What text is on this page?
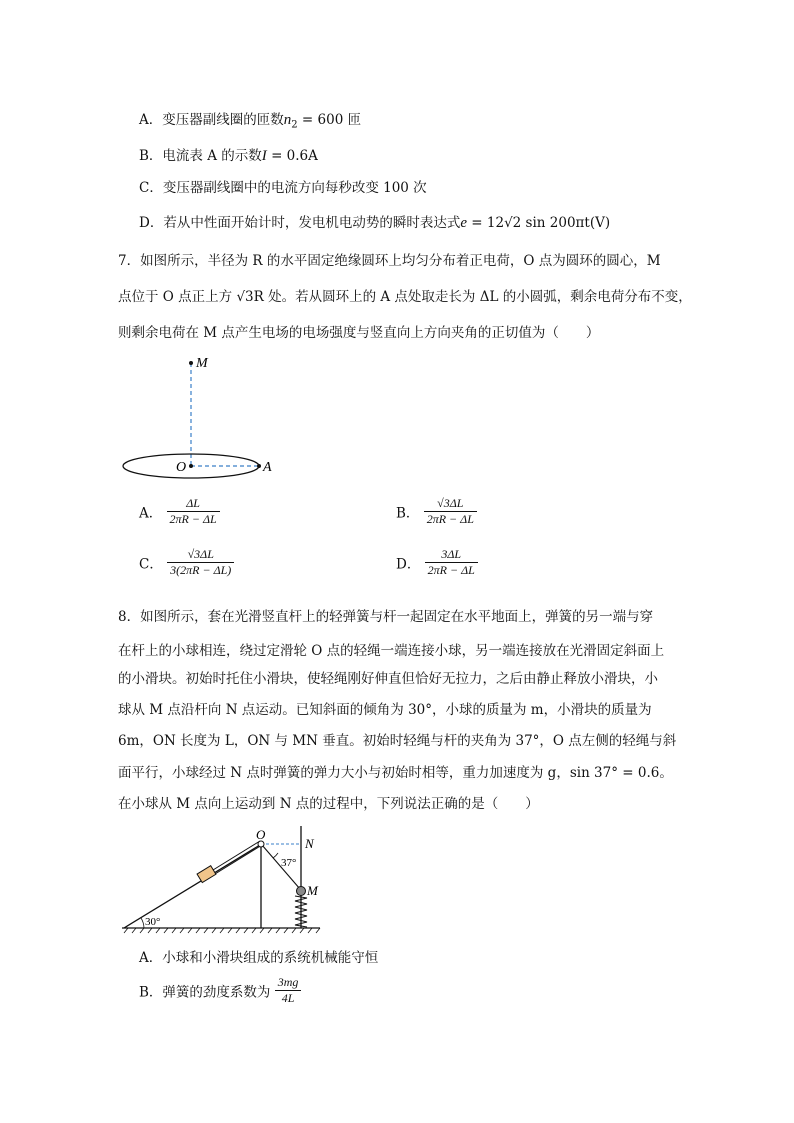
A．变压器副线圈的匝数$n_2 = 600$ 匝
B．电流表 A 的示数I = 0.6A
C．变压器副线圈中的电流方向每秒改变 100 次
D．若从中性面开始计时，发电机电动势的瞬时表达式e = 12√2 sin 200πt(V)
7．如图所示，半径为 R 的水平固定绝缘圆环上均匀分布着正电荷，O 点为圆环的圆心，M
点位于 O 点正上方 √3R 处。若从圆环上的 A 点处取走长为 ΔL 的小圆弧，剩余电荷分布不变，
则剩余电荷在 M 点产生电场的电场强度与竖直向上方向夹角的正切值为（　　）
M
O	A
A． $\frac{\Delta L}{2\pi R - \Delta L}$	B． $\frac{√3\Delta L}{2\pi R - \Delta L}$
C． $\frac{√3\Delta L}{3(2\pi R - \Delta L)}$	D． $\frac{3\Delta L}{2\pi R - \Delta L}$
8．如图所示，套在光滑竖直杆上的轻弹簧与杆一起固定在水平地面上，弹簧的另一端与穿
在杆上的小球相连，绕过定滑轮 O 点的轻绳一端连接小球，另一端连接放在光滑固定斜面上
的小滑块。初始时托住小滑块，使轻绳刚好伸直但恰好无拉力，之后由静止释放小滑块，小
球从 M 点沿杆向 N 点运动。已知斜面的倾角为 30°，小球的质量为 m，小滑块的质量为
6m，ON 长度为 L，ON 与 MN 垂直。初始时轻绳与杆的夹角为 37°，O 点左侧的轻绳与斜
面平行，小球经过 N 点时弹簧的弹力大小与初始时相等，重力加速度为 g，sin 37° = 0.6。
在小球从 M 点向上运动到 N 点的过程中，下列说法正确的是（　　）
O
N
M
37°
30°
A．小球和小滑块组成的系统机械能守恒
B．弹簧的劲度系数为 $\frac{3mg}{4L}$
